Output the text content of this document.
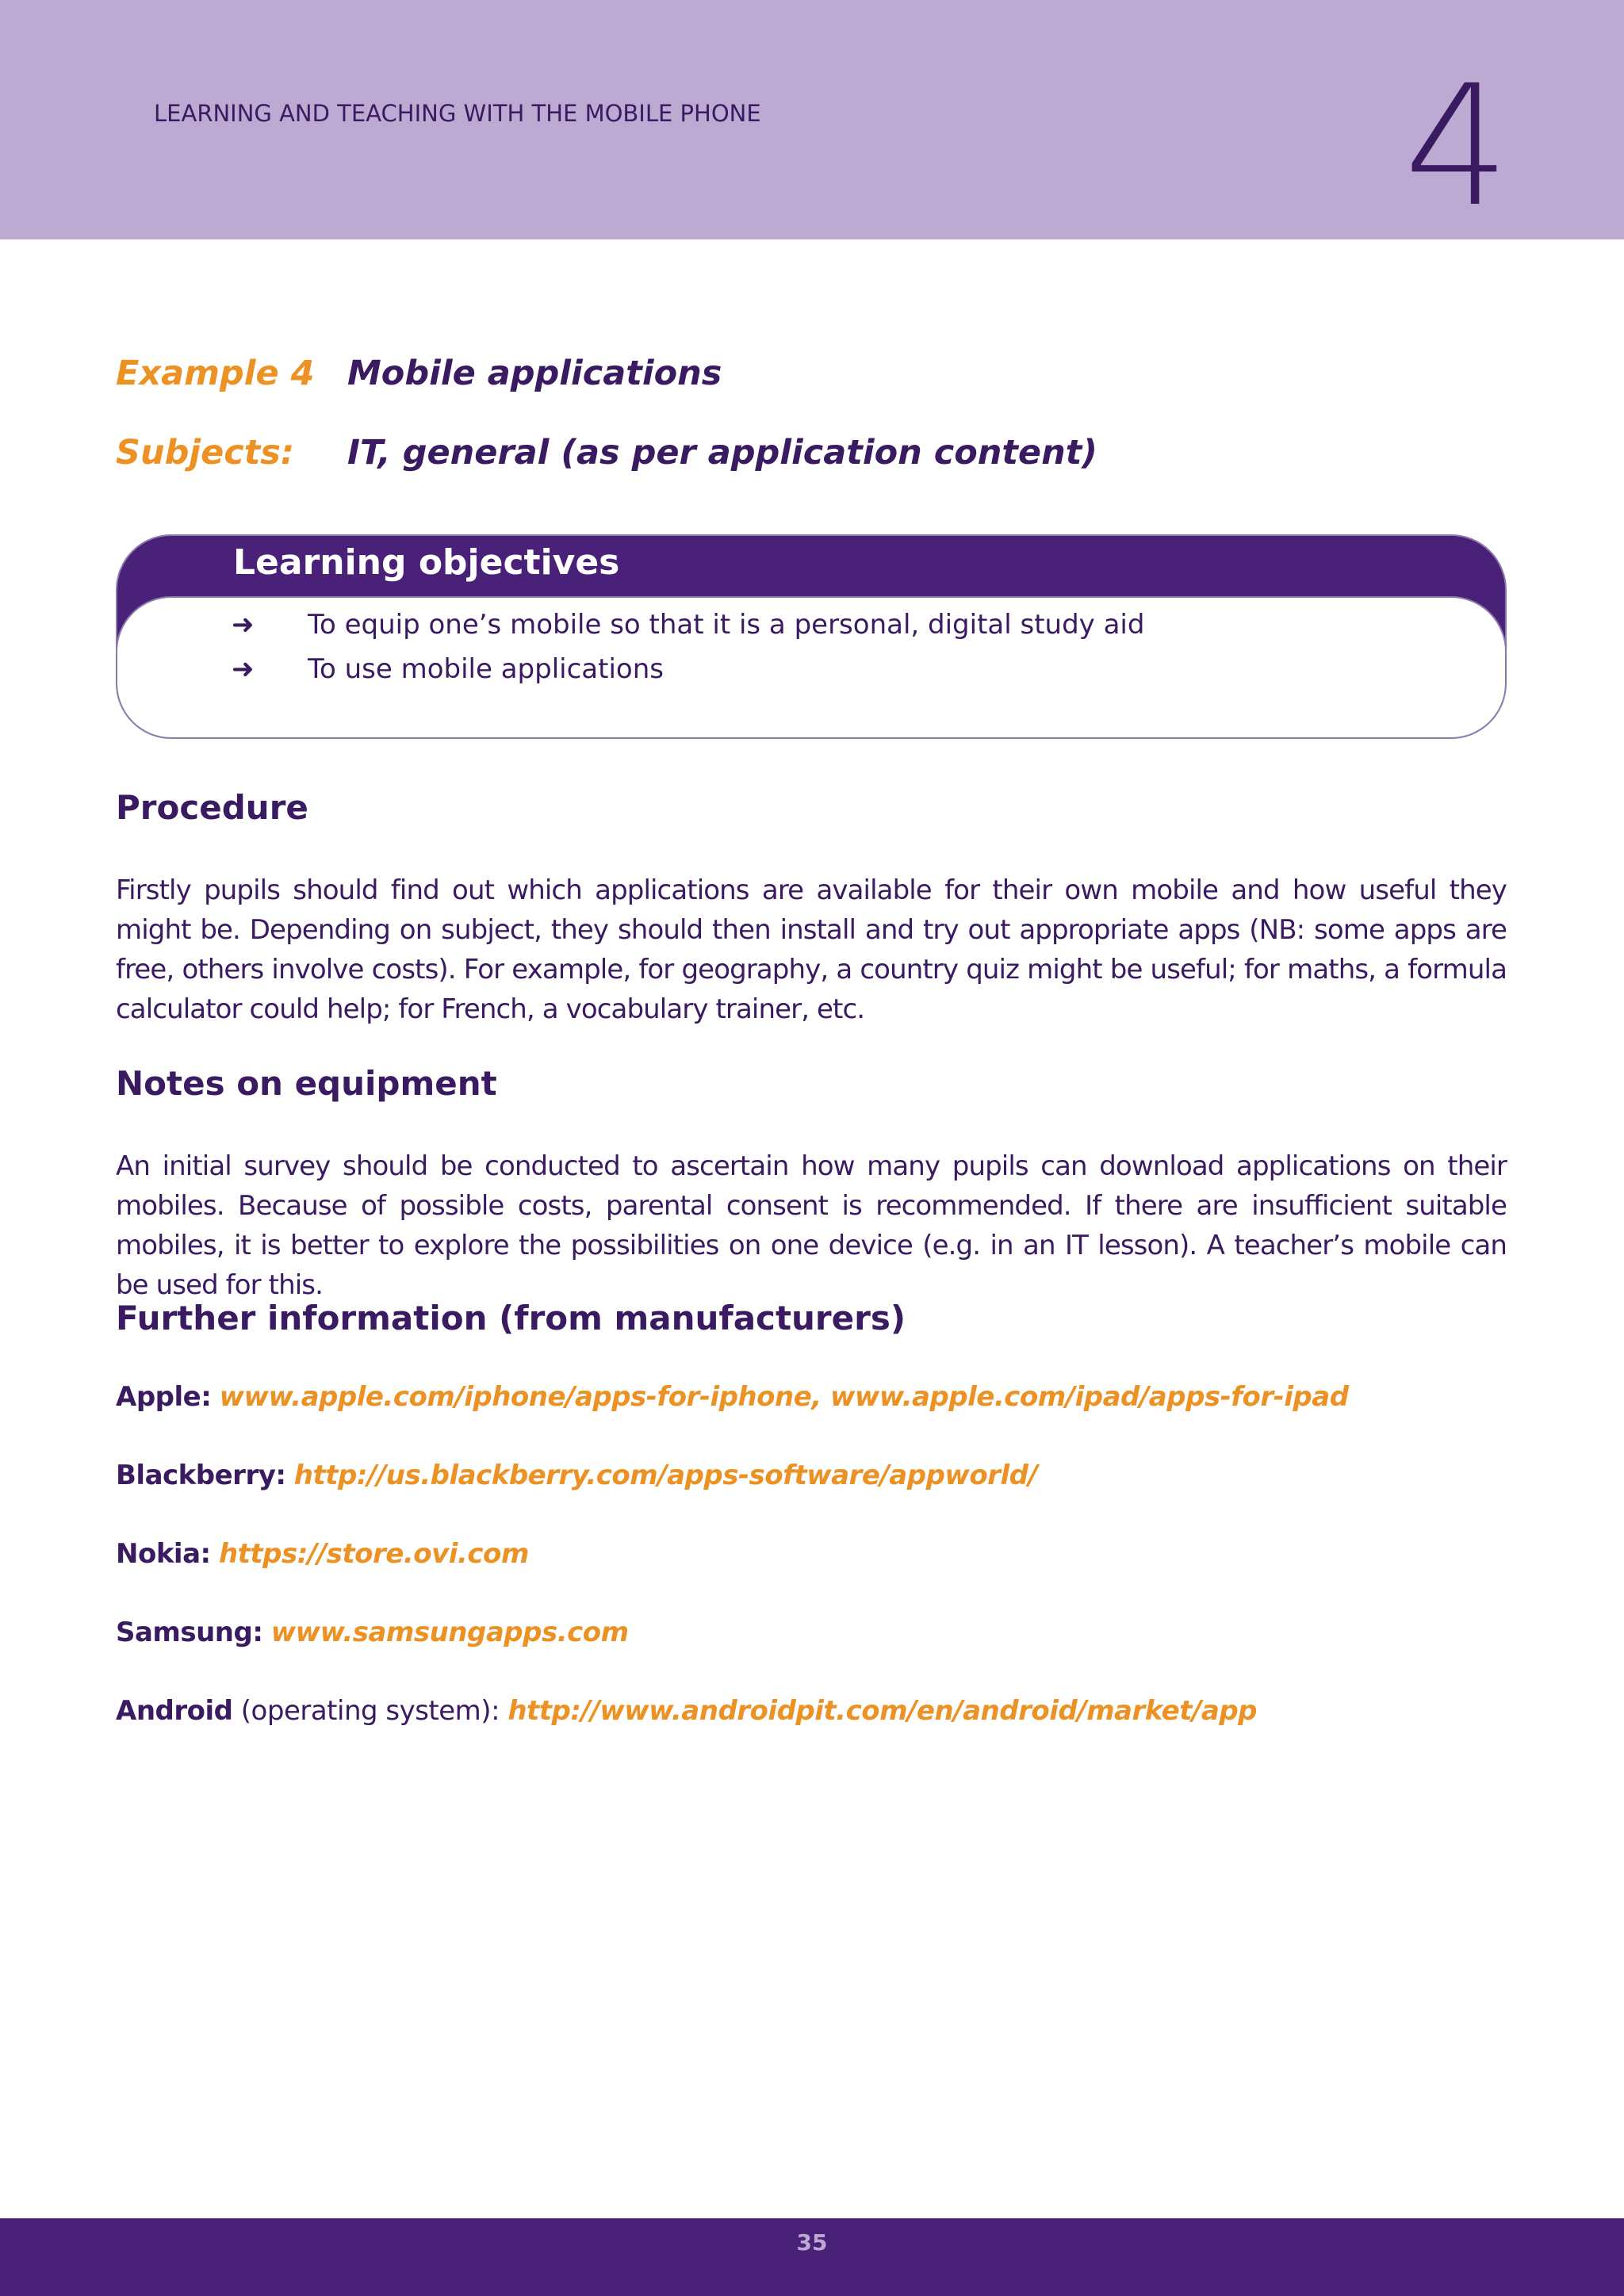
LEARNING AND TEACHING WITH THE MOBILE PHONE	4
Example 4 Mobile applications
Subjects: IT, general (as per application content)
Learning objectives
➜ To equip one’s mobile so that it is a personal, digital study aid
➜ To use mobile applications
Procedure
Firstly pupils should find out which applications are available for their own mobile and how useful they might be. Depending on subject, they should then install and try out appropriate apps (NB: some apps are free, others involve costs). For example, for geography, a country quiz might be useful; for maths, a formula calculator could help; for French, a vocabulary trainer, etc.
Notes on equipment
An initial survey should be conducted to ascertain how many pupils can download applications on their mobiles. Because of possible costs, parental consent is recommended. If there are insufficient suitable mobiles, it is better to explore the possibilities on one device (e.g. in an IT lesson). A teacher’s mobile can be used for this.
Further information (from manufacturers)
Apple: www.apple.com/iphone/apps-for-iphone, www.apple.com/ipad/apps-for-ipad
Blackberry: http://us.blackberry.com/apps-software/appworld/
Nokia: https://store.ovi.com
Samsung: www.samsungapps.com
Android (operating system): http://www.androidpit.com/en/android/market/app
35
